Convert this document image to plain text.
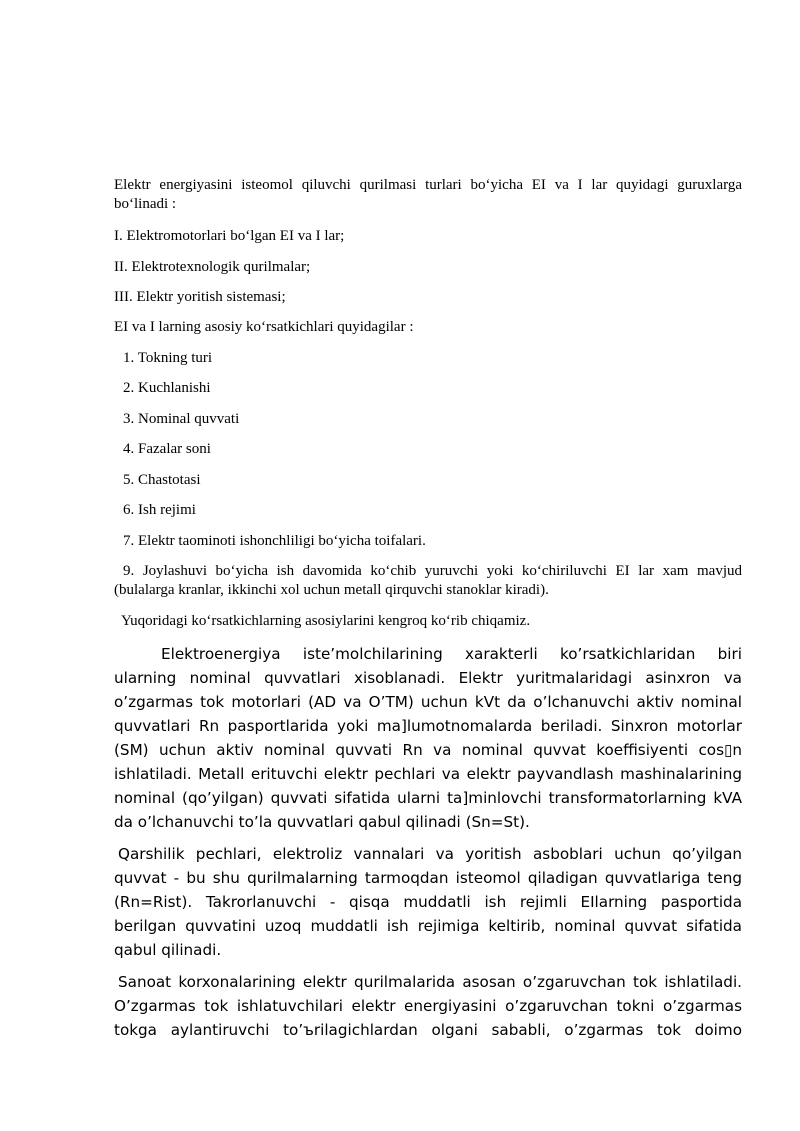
Elektr energiyasini isteomol qiluvchi qurilmasi turlari bo‘yicha EI va I lar quyidagi guruxlarga
bo‘linadi :
I. Elektromotorlari bo‘lgan EI va I lar;
II. Elektrotexnologik qurilmalar;
III. Elektr yoritish sistemasi;
EI va I larning asosiy ko‘rsatkichlari quyidagilar :
1. Tokning turi
2. Kuchlanishi
3. Nominal quvvati
4. Fazalar soni
5. Chastotasi
6. Ish rejimi
7. Elektr taominoti ishonchliligi bo‘yicha toifalari.
9. Joylashuvi bo‘yicha ish davomida ko‘chib yuruvchi yoki ko‘chiriluvchi EI lar xam mavjud
(bulalarga kranlar, ikkinchi xol uchun metall qirquvchi stanoklar kiradi).
Yuqoridagi ko‘rsatkichlarning asosiylarini kengroq ko‘rib chiqamiz.
Elektroenergiya iste’molchilarining xarakterli ko’rsatkichlaridan biri
ularning nominal quvvatlari xisoblanadi. Elektr yuritmalaridagi asinxron va
o’zgarmas tok motorlari (AD va O’TM) uchun kVt da o’lchanuvchi aktiv nominal
quvvatlari Rn pasportlarida yoki ma]lumotnomalarda beriladi. Sinxron motorlar
(SM) uchun aktiv nominal quvvati Rn va nominal quvvat koeffisiyenti cos▯n
ishlatiladi. Metall erituvchi elektr pechlari va elektr payvandlash mashinalarining
nominal (qo’yilgan) quvvati sifatida ularni ta]minlovchi transformatorlarning kVA
da o’lchanuvchi to’la quvvatlari qabul qilinadi (Sn=St).
Qarshilik pechlari, elektroliz vannalari va yoritish asboblari uchun qo’yilgan
quvvat - bu shu qurilmalarning tarmoqdan isteomol qiladigan quvvatlariga teng
(Rn=Rist). Takrorlanuvchi - qisqa muddatli ish rejimli EIlarning pasportida
berilgan quvvatini uzoq muddatli ish rejimiga keltirib, nominal quvvat sifatida
qabul qilinadi.
Sanoat korxonalarining elektr qurilmalarida asosan o’zgaruvchan tok ishlatiladi.
O’zgarmas tok ishlatuvchilari elektr energiyasini o’zgaruvchan tokni o’zgarmas
tokga aylantiruvchi to’ъrilagichlardan olgani sababli, o’zgarmas tok doimo
